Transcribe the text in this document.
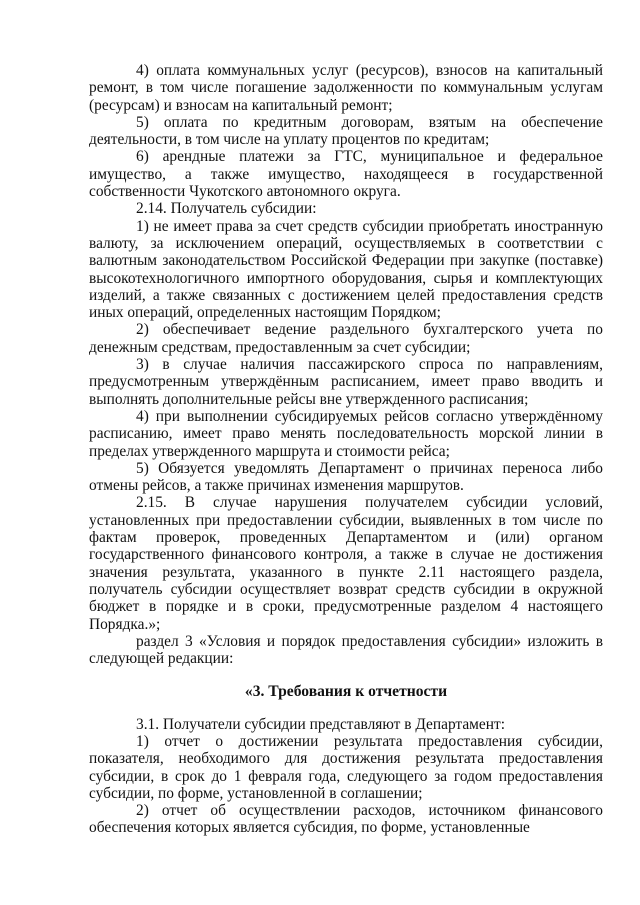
4) оплата коммунальных услуг (ресурсов), взносов на капитальный ремонт, в том числе погашение задолженности по коммунальным услугам (ресурсам) и взносам на капитальный ремонт;

5) оплата по кредитным договорам, взятым на обеспечение деятельности, в том числе на уплату процентов по кредитам;

6) арендные платежи за ГТС, муниципальное и федеральное имущество, а также имущество, находящееся в государственной собственности Чукотского автономного округа.

2.14. Получатель субсидии:

1) не имеет права за счет средств субсидии приобретать иностранную валюту, за исключением операций, осуществляемых в соответствии с валютным законодательством Российской Федерации при закупке (поставке) высокотехнологичного импортного оборудования, сырья и комплектующих изделий, а также связанных с достижением целей предоставления средств иных операций, определенных настоящим Порядком;

2) обеспечивает ведение раздельного бухгалтерского учета по денежным средствам, предоставленным за счет субсидии;

3) в случае наличия пассажирского спроса по направлениям, предусмотренным утверждённым расписанием, имеет право вводить и выполнять дополнительные рейсы вне утвержденного расписания;

4) при выполнении субсидируемых рейсов согласно утверждённому расписанию, имеет право менять последовательность морской линии в пределах утвержденного маршрута и стоимости рейса;

5) Обязуется уведомлять Департамент о причинах переноса либо отмены рейсов, а также причинах изменения маршрутов.

2.15. В случае нарушения получателем субсидии условий, установленных при предоставлении субсидии, выявленных в том числе по фактам проверок, проведенных Департаментом и (или) органом государственного финансового контроля, а также в случае не достижения значения результата, указанного в пункте 2.11 настоящего раздела, получатель субсидии осуществляет возврат средств субсидии в окружной бюджет в порядке и в сроки, предусмотренные разделом 4 настоящего Порядка.»;

раздел 3 «Условия и порядок предоставления субсидии» изложить в следующей редакции:

«3. Требования к отчетности

3.1. Получатели субсидии представляют в Департамент:

1) отчет о достижении результата предоставления субсидии, показателя, необходимого для достижения результата предоставления субсидии, в срок до 1 февраля года, следующего за годом предоставления субсидии, по форме, установленной в соглашении;

2) отчет об осуществлении расходов, источником финансового обеспечения которых является субсидия, по форме, установленные
